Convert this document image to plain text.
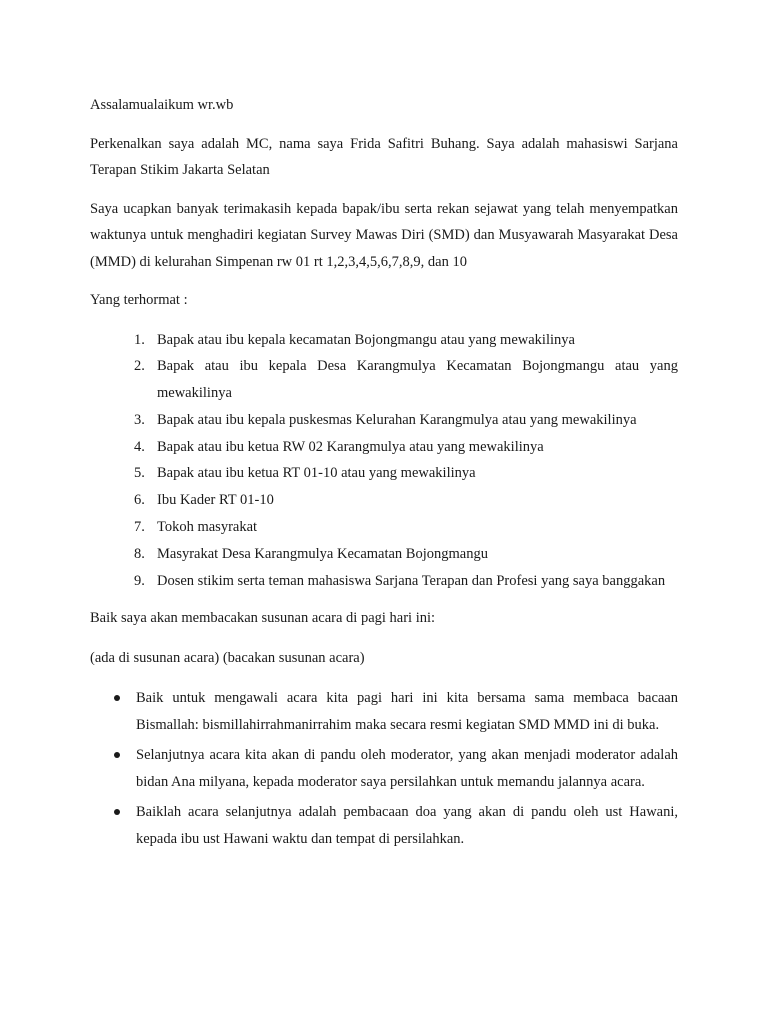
Assalamualaikum wr.wb

Perkenalkan saya adalah MC, nama saya Frida Safitri Buhang. Saya adalah mahasiswi Sarjana Terapan Stikim Jakarta Selatan

Saya ucapkan banyak terimakasih kepada bapak/ibu serta rekan sejawat yang telah menyempatkan waktunya untuk menghadiri kegiatan Survey Mawas Diri (SMD) dan Musyawarah Masyarakat Desa (MMD) di kelurahan Simpenan rw 01 rt 1,2,3,4,5,6,7,8,9, dan 10

Yang terhormat :

1. Bapak atau ibu kepala kecamatan Bojongmangu atau yang mewakilinya
2. Bapak atau ibu kepala Desa Karangmulya Kecamatan Bojongmangu atau yang mewakilinya
3. Bapak atau ibu kepala puskesmas Kelurahan Karangmulya atau yang mewakilinya
4. Bapak atau ibu ketua RW 02 Karangmulya atau yang mewakilinya
5. Bapak atau ibu ketua RT 01-10 atau yang mewakilinya
6. Ibu Kader RT 01-10
7. Tokoh masyrakat
8. Masyrakat Desa Karangmulya Kecamatan Bojongmangu
9. Dosen stikim serta teman mahasiswa Sarjana Terapan dan Profesi yang saya banggakan

Baik saya akan membacakan susunan acara di pagi hari ini:

(ada di susunan acara) (bacakan susunan acara)

Baik untuk mengawali acara kita pagi hari ini kita bersama sama membaca bacaan Bismallah: bismillahirrahmanirrahim maka secara resmi kegiatan SMD MMD ini di buka.
Selanjutnya acara kita akan di pandu oleh moderator, yang akan menjadi moderator adalah bidan Ana milyana, kepada moderator saya persilahkan untuk memandu jalannya acara.
Baiklah acara selanjutnya adalah pembacaan doa yang akan di pandu oleh ust Hawani, kepada ibu ust Hawani waktu dan tempat di persilahkan.
